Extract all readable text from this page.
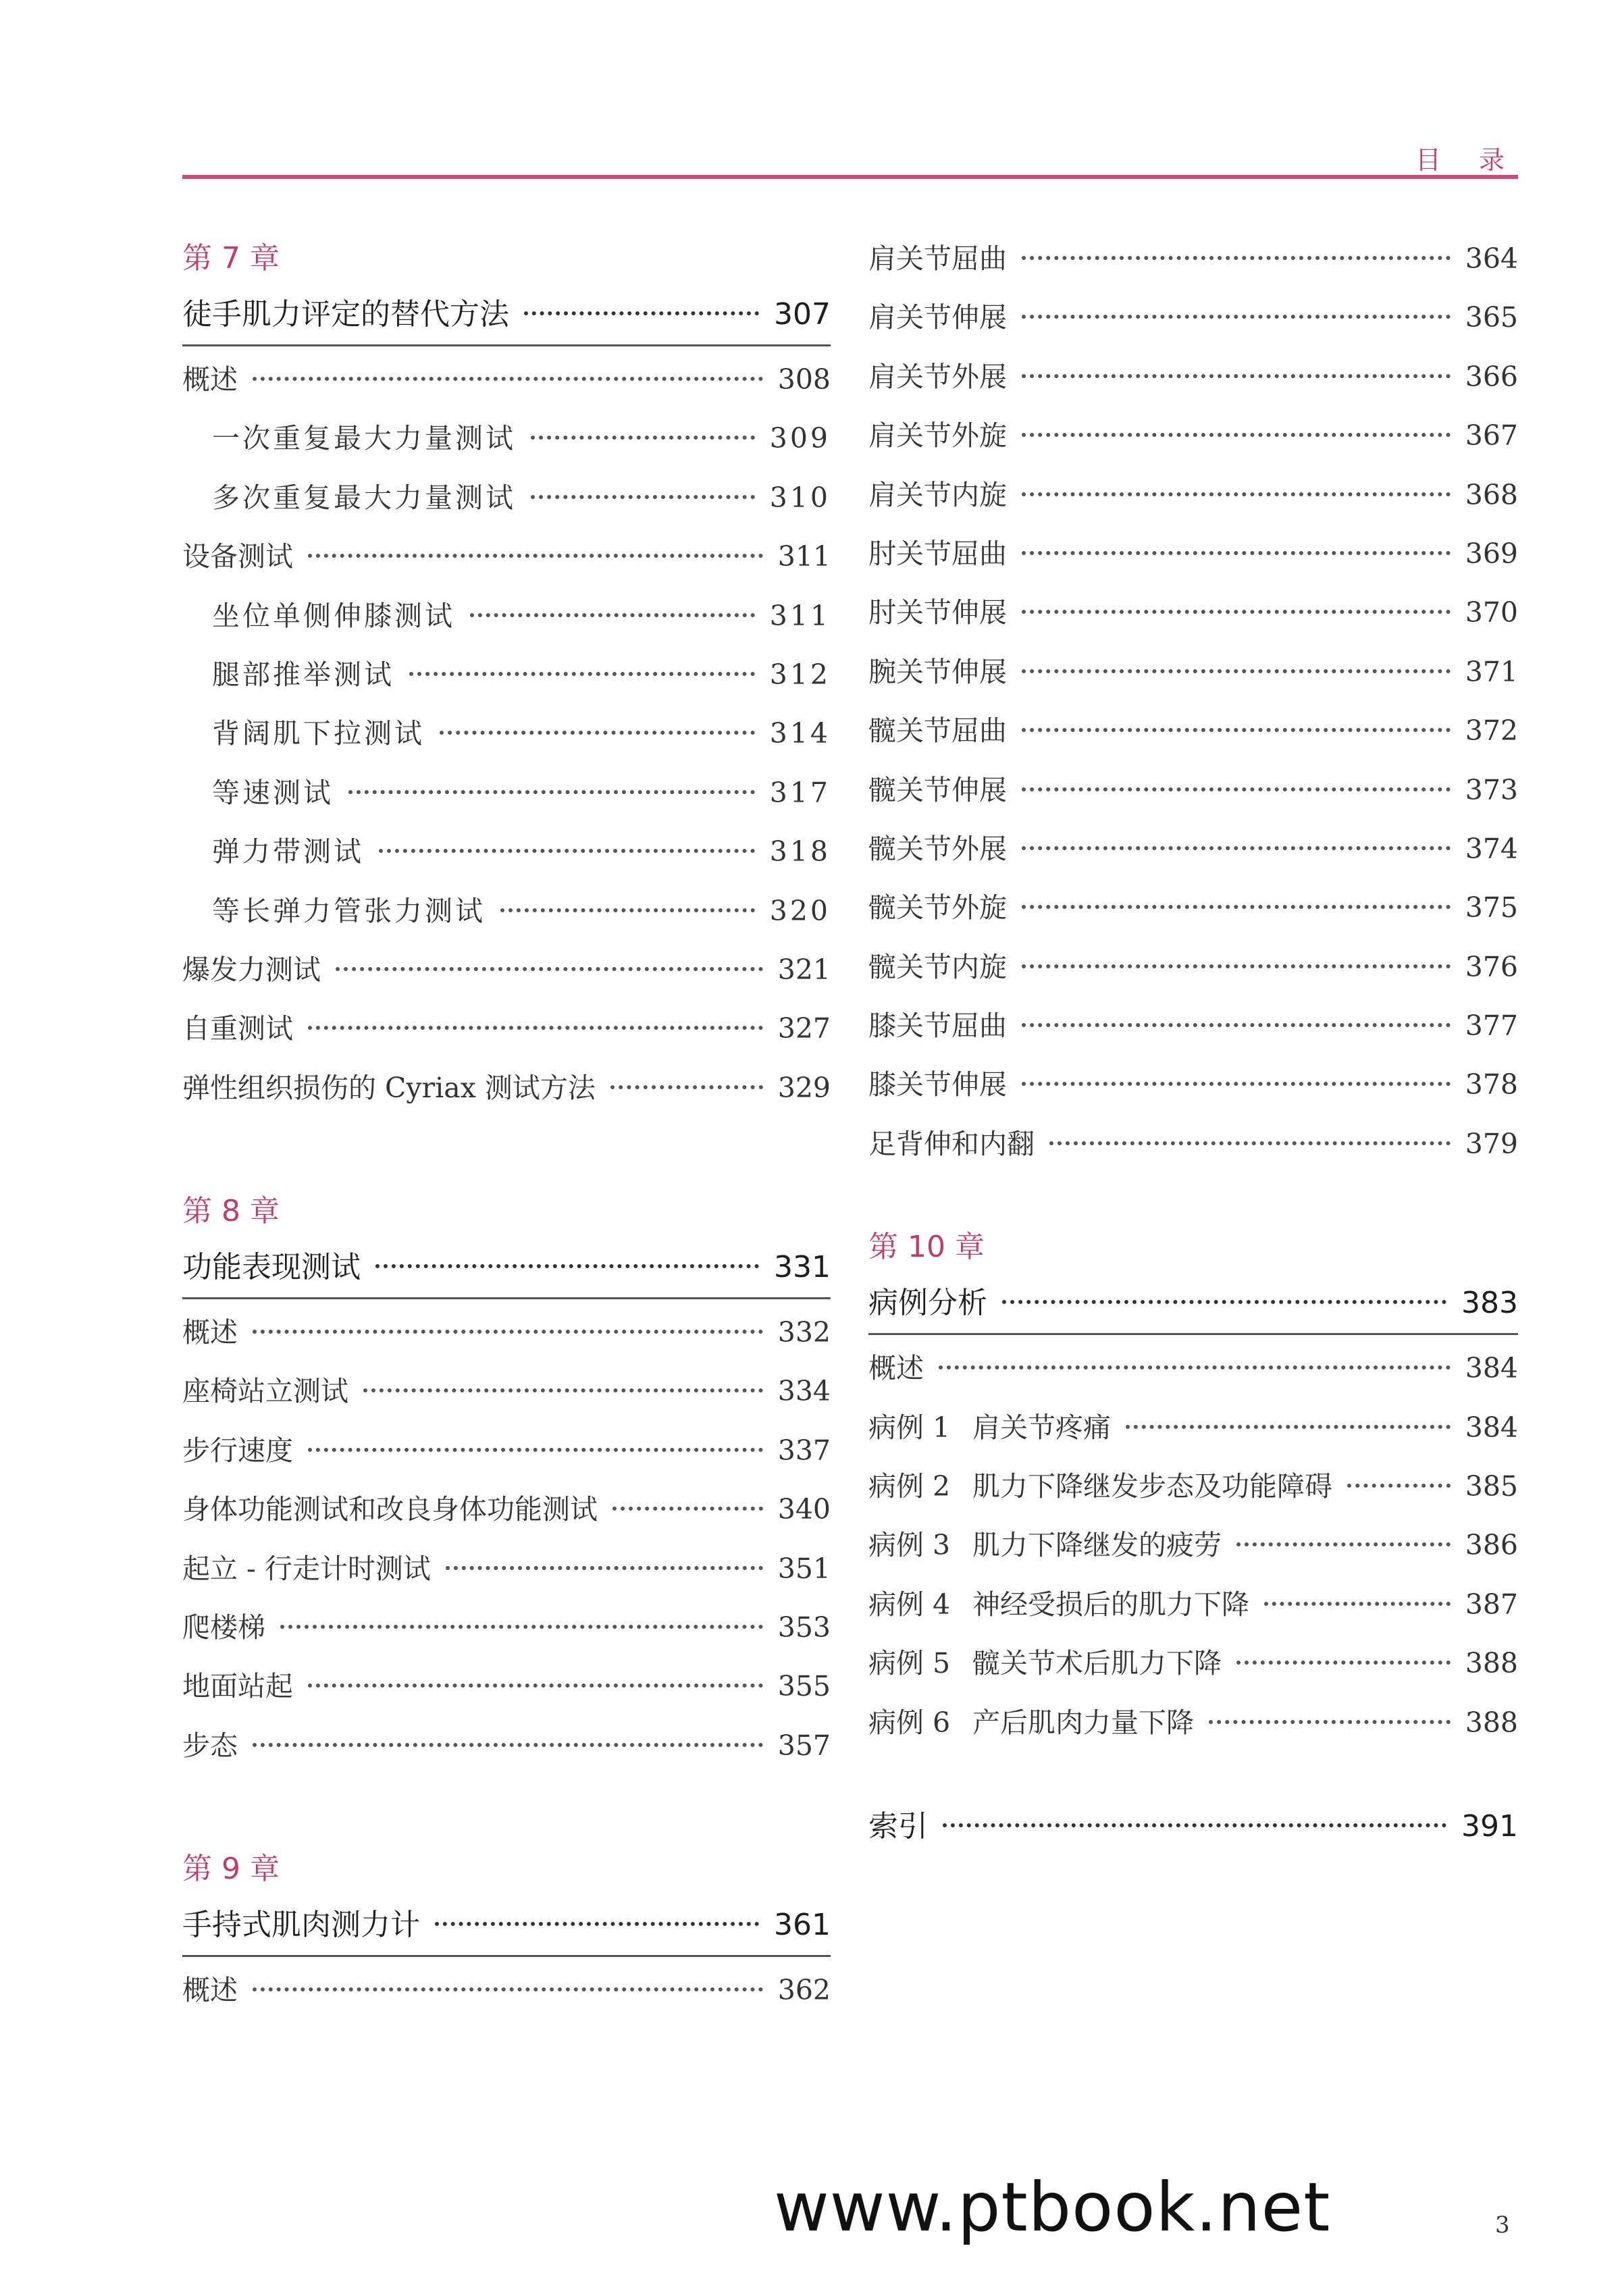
目 录
第 7 章
徒手肌力评定的替代方法	307
概述	308
一次重复最大力量测试	309
多次重复最大力量测试	310
设备测试	311
坐位单侧伸膝测试	311
腿部推举测试	312
背阔肌下拉测试	314
等速测试	317
弹力带测试	318
等长弹力管张力测试	320
爆发力测试	321
自重测试	327
弹性组织损伤的 Cyriax 测试方法	329
第 8 章
功能表现测试	331
概述	332
座椅站立测试	334
步行速度	337
身体功能测试和改良身体功能测试	340
起立 - 行走计时测试	351
爬楼梯	353
地面站起	355
步态	357
第 9 章
手持式肌肉测力计	361
概述	362
肩关节屈曲	364
肩关节伸展	365
肩关节外展	366
肩关节外旋	367
肩关节内旋	368
肘关节屈曲	369
肘关节伸展	370
腕关节伸展	371
髋关节屈曲	372
髋关节伸展	373
髋关节外展	374
髋关节外旋	375
髋关节内旋	376
膝关节屈曲	377
膝关节伸展	378
足背伸和内翻	379
第 10 章
病例分析	383
概述	384
病例 1 肩关节疼痛	384
病例 2 肌力下降继发步态及功能障碍	385
病例 3 肌力下降继发的疲劳	386
病例 4 神经受损后的肌力下降	387
病例 5 髋关节术后肌力下降	388
病例 6 产后肌肉力量下降	388
索引	391
www.ptbook.net	3
